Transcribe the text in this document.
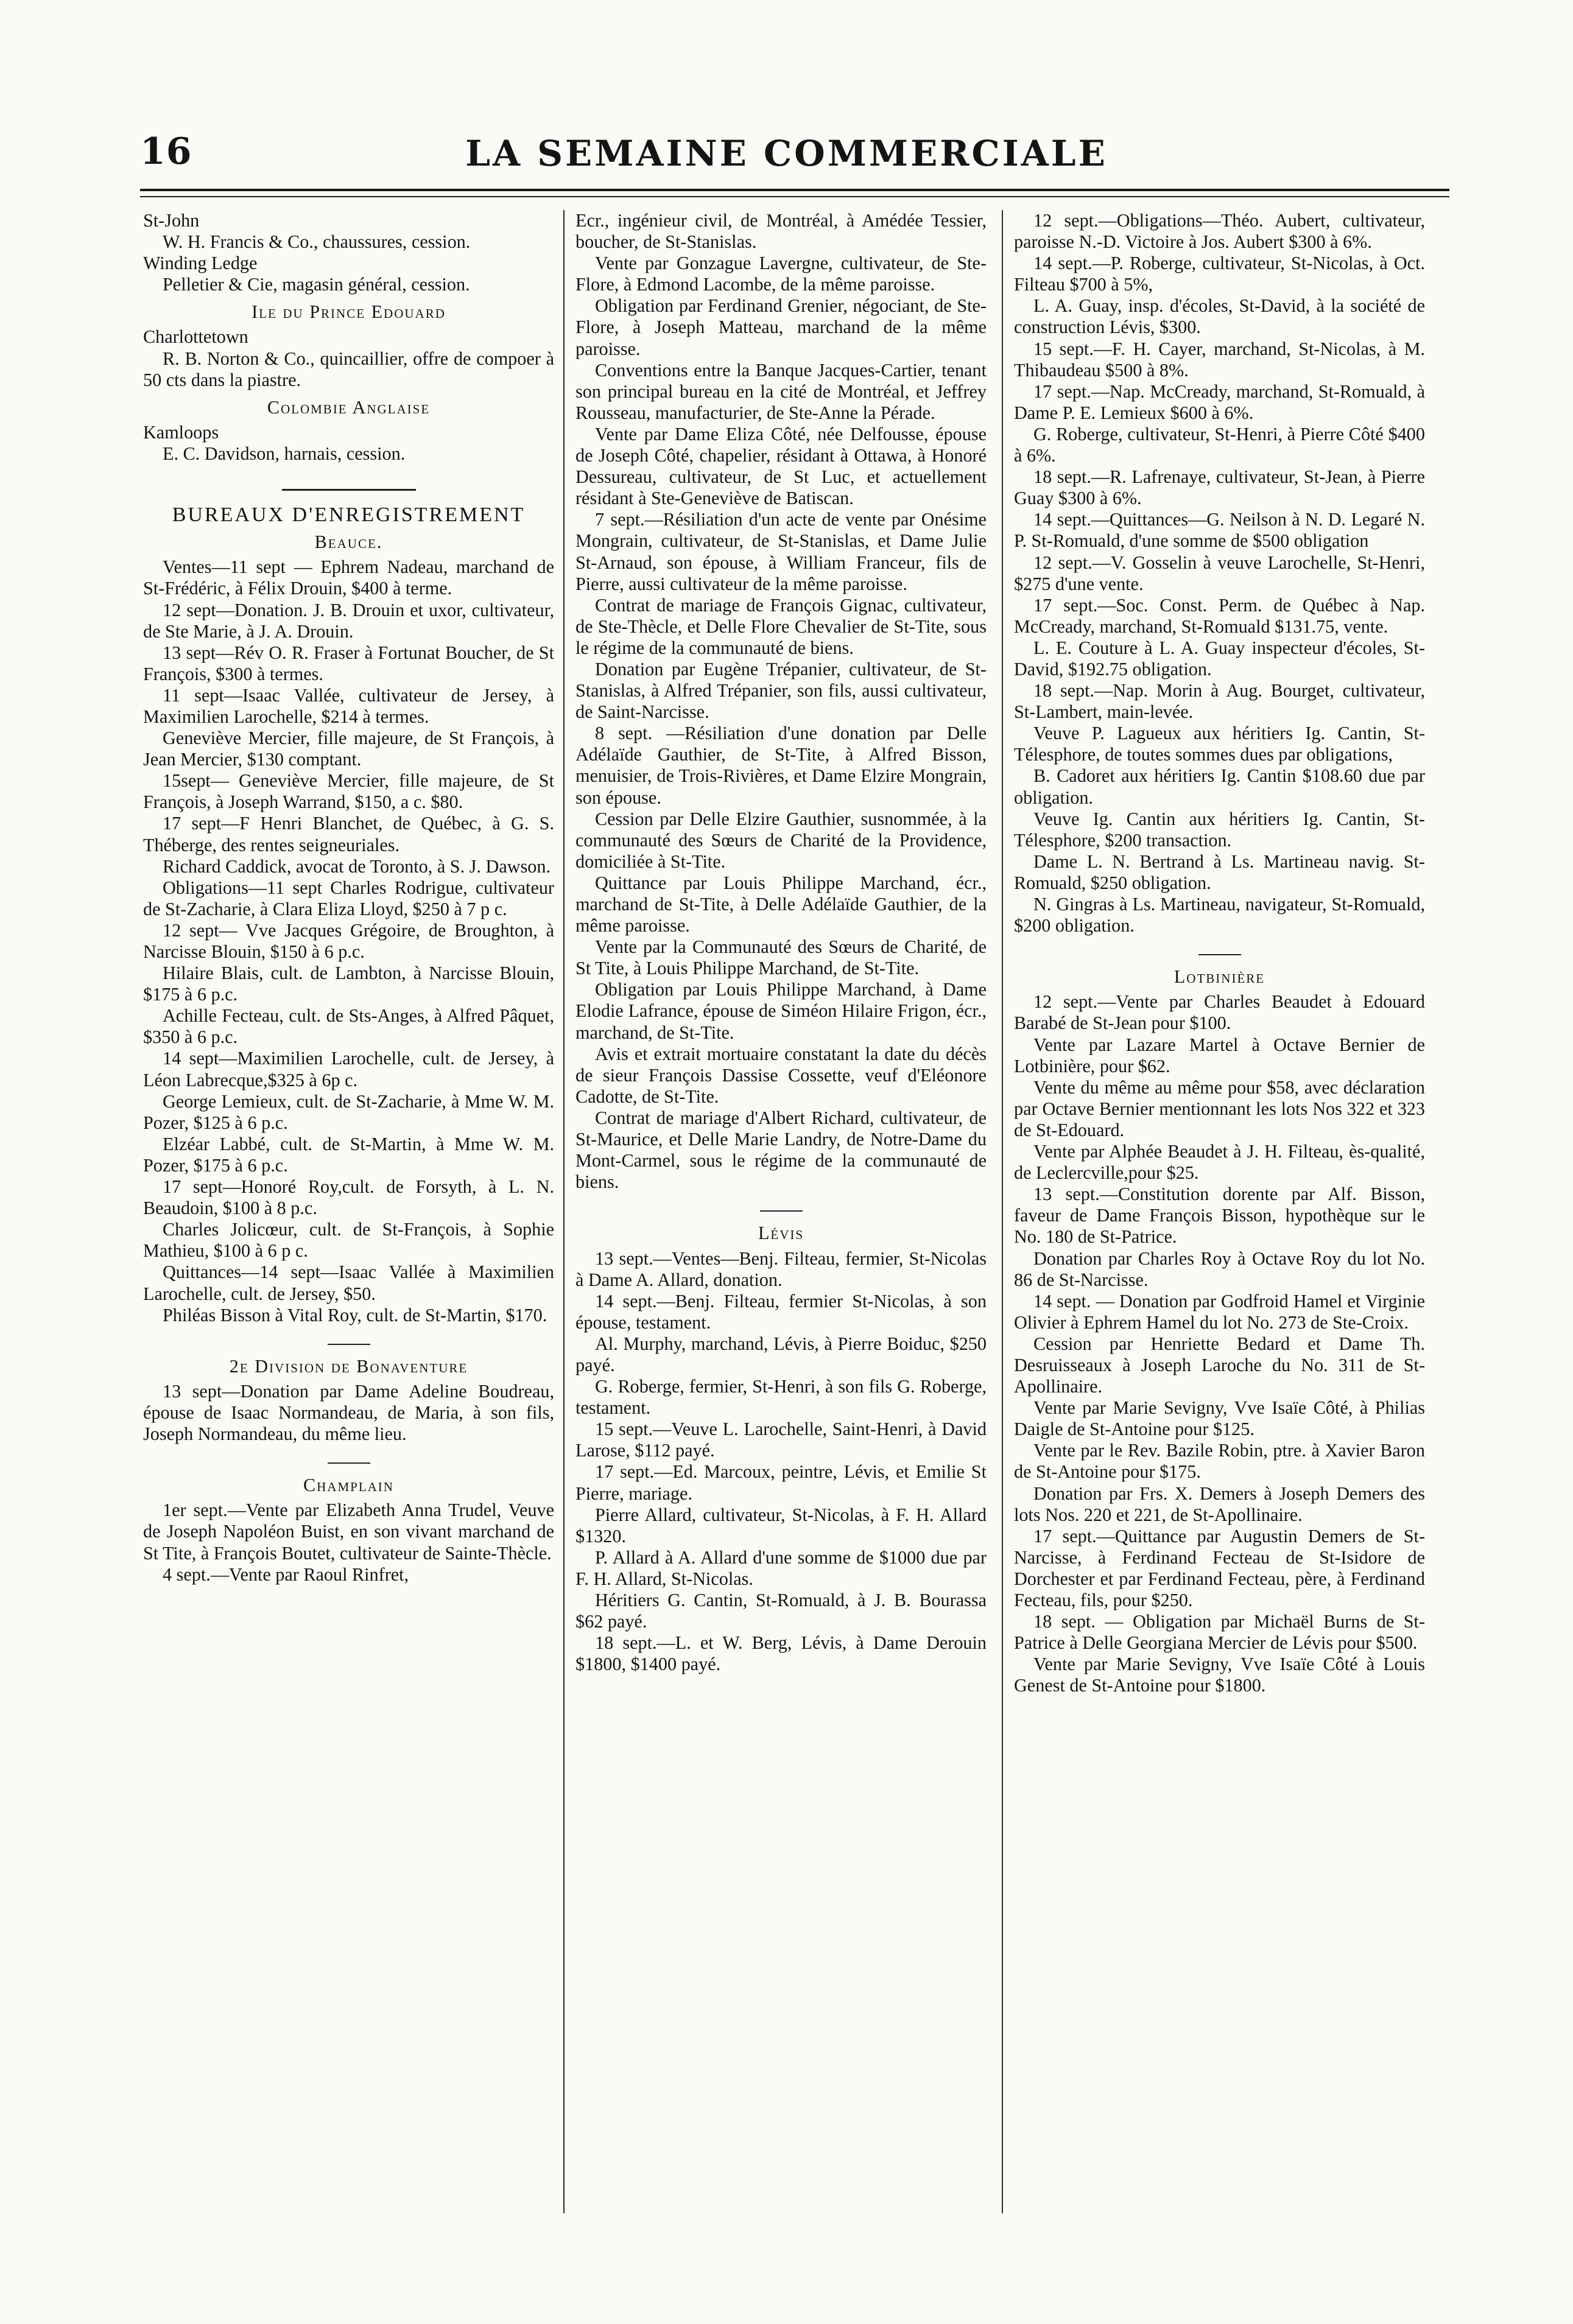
16	LA SEMAINE COMMERCIALE

St-John

W. H. Francis & Co., chaussures, cession.

Winding Ledge

Pelletier & Cie, magasin général, cession.

Ile du Prince Edouard

Charlottetown

R. B. Norton & Co., quincaillier, offre de compoer à 50 cts dans la piastre.

Colombie Anglaise

Kamloops

E. C. Davidson, harnais, cession.

BUREAUX D'ENREGISTREMENT
Beauce.

Ventes—11 sept — Ephrem Nadeau, marchand de St-Frédéric, à Félix Drouin, $400 à terme.

12 sept—Donation. J. B. Drouin et uxor, cultivateur, de Ste Marie, à J. A. Drouin.

13 sept—Rév O. R. Fraser à Fortunat Boucher, de St François, $300 à termes.

11 sept—Isaac Vallée, cultivateur de Jersey, à Maximilien Larochelle, $214 à termes.

Geneviève Mercier, fille majeure, de St François, à Jean Mercier, $130 comptant.

15sept— Geneviève Mercier, fille majeure, de St François, à Joseph Warrand, $150, a c. $80.

17 sept—F Henri Blanchet, de Québec, à G. S. Théberge, des rentes seigneuriales.

Richard Caddick, avocat de Toronto, à S. J. Dawson.

Obligations—11 sept Charles Rodrigue, cultivateur de St-Zacharie, à Clara Eliza Lloyd, $250 à 7 p c.

12 sept— Vve Jacques Grégoire, de Broughton, à Narcisse Blouin, $150 à 6 p.c.

Hilaire Blais, cult. de Lambton, à Narcisse Blouin, $175 à 6 p.c.

Achille Fecteau, cult. de Sts-Anges, à Alfred Pâquet, $350 à 6 p.c.

14 sept—Maximilien Larochelle, cult. de Jersey, à Léon Labrecque,$325 à 6p c.

George Lemieux, cult. de St-Zacharie, à Mme W. M. Pozer, $125 à 6 p.c.

Elzéar Labbé, cult. de St-Martin, à Mme W. M. Pozer, $175 à 6 p.c.

17 sept—Honoré Roy,cult. de Forsyth, à L. N. Beaudoin, $100 à 8 p.c.

Charles Jolicœur, cult. de St-François, à Sophie Mathieu, $100 à 6 p c.

Quittances—14 sept—Isaac Vallée à Maximilien Larochelle, cult. de Jersey, $50.

Philéas Bisson à Vital Roy, cult. de St-Martin, $170.

2e Division de Bonaventure

13 sept—Donation par Dame Adeline Boudreau, épouse de Isaac Normandeau, de Maria, à son fils, Joseph Normandeau, du même lieu.

Champlain

1er sept.—Vente par Elizabeth Anna Trudel, Veuve de Joseph Napoléon Buist, en son vivant marchand de St Tite, à François Boutet, cultivateur de Sainte-Thècle.

4 sept.—Vente par Raoul Rinfret,

Ecr., ingénieur civil, de Montréal, à Amédée Tessier, boucher, de St-Stanislas.

Vente par Gonzague Lavergne, cultivateur, de Ste-Flore, à Edmond Lacombe, de la même paroisse.

Obligation par Ferdinand Grenier, négociant, de Ste-Flore, à Joseph Matteau, marchand de la même paroisse.

Conventions entre la Banque Jacques-Cartier, tenant son principal bureau en la cité de Montréal, et Jeffrey Rousseau, manufacturier, de Ste-Anne la Pérade.

Vente par Dame Eliza Côté, née Delfousse, épouse de Joseph Côté, chapelier, résidant à Ottawa, à Honoré Dessureau, cultivateur, de St Luc, et actuellement résidant à Ste-Geneviève de Batiscan.

7 sept.—Résiliation d'un acte de vente par Onésime Mongrain, cultivateur, de St-Stanislas, et Dame Julie St-Arnaud, son épouse, à William Franceur, fils de Pierre, aussi cultivateur de la même paroisse.

Contrat de mariage de François Gignac, cultivateur, de Ste-Thècle, et Delle Flore Chevalier de St-Tite, sous le régime de la communauté de biens.

Donation par Eugène Trépanier, cultivateur, de St-Stanislas, à Alfred Trépanier, son fils, aussi cultivateur, de Saint-Narcisse.

8 sept. —Résiliation d'une donation par Delle Adélaïde Gauthier, de St-Tite, à Alfred Bisson, menuisier, de Trois-Rivières, et Dame Elzire Mongrain, son épouse.

Cession par Delle Elzire Gauthier, susnommée, à la communauté des Sœurs de Charité de la Providence, domiciliée à St-Tite.

Quittance par Louis Philippe Marchand, écr., marchand de St-Tite, à Delle Adélaïde Gauthier, de la même paroisse.

Vente par la Communauté des Sœurs de Charité, de St Tite, à Louis Philippe Marchand, de St-Tite.

Obligation par Louis Philippe Marchand, à Dame Elodie Lafrance, épouse de Siméon Hilaire Frigon, écr., marchand, de St-Tite.

Avis et extrait mortuaire constatant la date du décès de sieur François Dassise Cossette, veuf d'Eléonore Cadotte, de St-Tite.

Contrat de mariage d'Albert Richard, cultivateur, de St-Maurice, et Delle Marie Landry, de Notre-Dame du Mont-Carmel, sous le régime de la communauté de biens.

Lévis

13 sept.—Ventes—Benj. Filteau, fermier, St-Nicolas à Dame A. Allard, donation.

14 sept.—Benj. Filteau, fermier St-Nicolas, à son épouse, testament.

Al. Murphy, marchand, Lévis, à Pierre Boiduc, $250 payé.

G. Roberge, fermier, St-Henri, à son fils G. Roberge, testament.

15 sept.—Veuve L. Larochelle, Saint-Henri, à David Larose, $112 payé.

17 sept.—Ed. Marcoux, peintre, Lévis, et Emilie St Pierre, mariage.

Pierre Allard, cultivateur, St-Nicolas, à F. H. Allard $1320.

P. Allard à A. Allard d'une somme de $1000 due par F. H. Allard, St-Nicolas.

Héritiers G. Cantin, St-Romuald, à J. B. Bourassa $62 payé.

18 sept.—L. et W. Berg, Lévis, à Dame Derouin $1800, $1400 payé.

12 sept.—Obligations—Théo. Aubert, cultivateur, paroisse N.-D. Victoire à Jos. Aubert $300 à 6%.

14 sept.—P. Roberge, cultivateur, St-Nicolas, à Oct. Filteau $700 à 5%,

L. A. Guay, insp. d'écoles, St-David, à la société de construction Lévis, $300.

15 sept.—F. H. Cayer, marchand, St-Nicolas, à M. Thibaudeau $500 à 8%.

17 sept.—Nap. McCready, marchand, St-Romuald, à Dame P. E. Lemieux $600 à 6%.

G. Roberge, cultivateur, St-Henri, à Pierre Côté $400 à 6%.

18 sept.—R. Lafrenaye, cultivateur, St-Jean, à Pierre Guay $300 à 6%.

14 sept.—Quittances—G. Neilson à N. D. Legaré N. P. St-Romuald, d'une somme de $500 obligation

12 sept.—V. Gosselin à veuve Larochelle, St-Henri, $275 d'une vente.

17 sept.—Soc. Const. Perm. de Québec à Nap. McCready, marchand, St-Romuald $131.75, vente.

L. E. Couture à L. A. Guay inspecteur d'écoles, St-David, $192.75 obligation.

18 sept.—Nap. Morin à Aug. Bourget, cultivateur, St-Lambert, main-levée.

Veuve P. Lagueux aux héritiers Ig. Cantin, St-Télesphore, de toutes sommes dues par obligations,

B. Cadoret aux héritiers Ig. Cantin $108.60 due par obligation.

Veuve Ig. Cantin aux héritiers Ig. Cantin, St-Télesphore, $200 transaction.

Dame L. N. Bertrand à Ls. Martineau navig. St-Romuald, $250 obligation.

N. Gingras à Ls. Martineau, navigateur, St-Romuald, $200 obligation.

Lotbinière

12 sept.—Vente par Charles Beaudet à Edouard Barabé de St-Jean pour $100.

Vente par Lazare Martel à Octave Bernier de Lotbinière, pour $62.

Vente du même au même pour $58, avec déclaration par Octave Bernier mentionnant les lots Nos 322 et 323 de St-Edouard.

Vente par Alphée Beaudet à J. H. Filteau, ès-qualité, de Leclercville,pour $25.

13 sept.—Constitution dorente par Alf. Bisson, faveur de Dame François Bisson, hypothèque sur le No. 180 de St-Patrice.

Donation par Charles Roy à Octave Roy du lot No. 86 de St-Narcisse.

14 sept. — Donation par Godfroid Hamel et Virginie Olivier à Ephrem Hamel du lot No. 273 de Ste-Croix.

Cession par Henriette Bedard et Dame Th. Desruisseaux à Joseph Laroche du No. 311 de St-Apollinaire.

Vente par Marie Sevigny, Vve Isaïe Côté, à Philias Daigle de St-Antoine pour $125.

Vente par le Rev. Bazile Robin, ptre. à Xavier Baron de St-Antoine pour $175.

Donation par Frs. X. Demers à Joseph Demers des lots Nos. 220 et 221, de St-Apollinaire.

17 sept.—Quittance par Augustin Demers de St-Narcisse, à Ferdinand Fecteau de St-Isidore de Dorchester et par Ferdinand Fecteau, père, à Ferdinand Fecteau, fils, pour $250.

18 sept. — Obligation par Michaël Burns de St-Patrice à Delle Georgiana Mercier de Lévis pour $500.

Vente par Marie Sevigny, Vve Isaïe Côté à Louis Genest de St-Antoine pour $1800.
